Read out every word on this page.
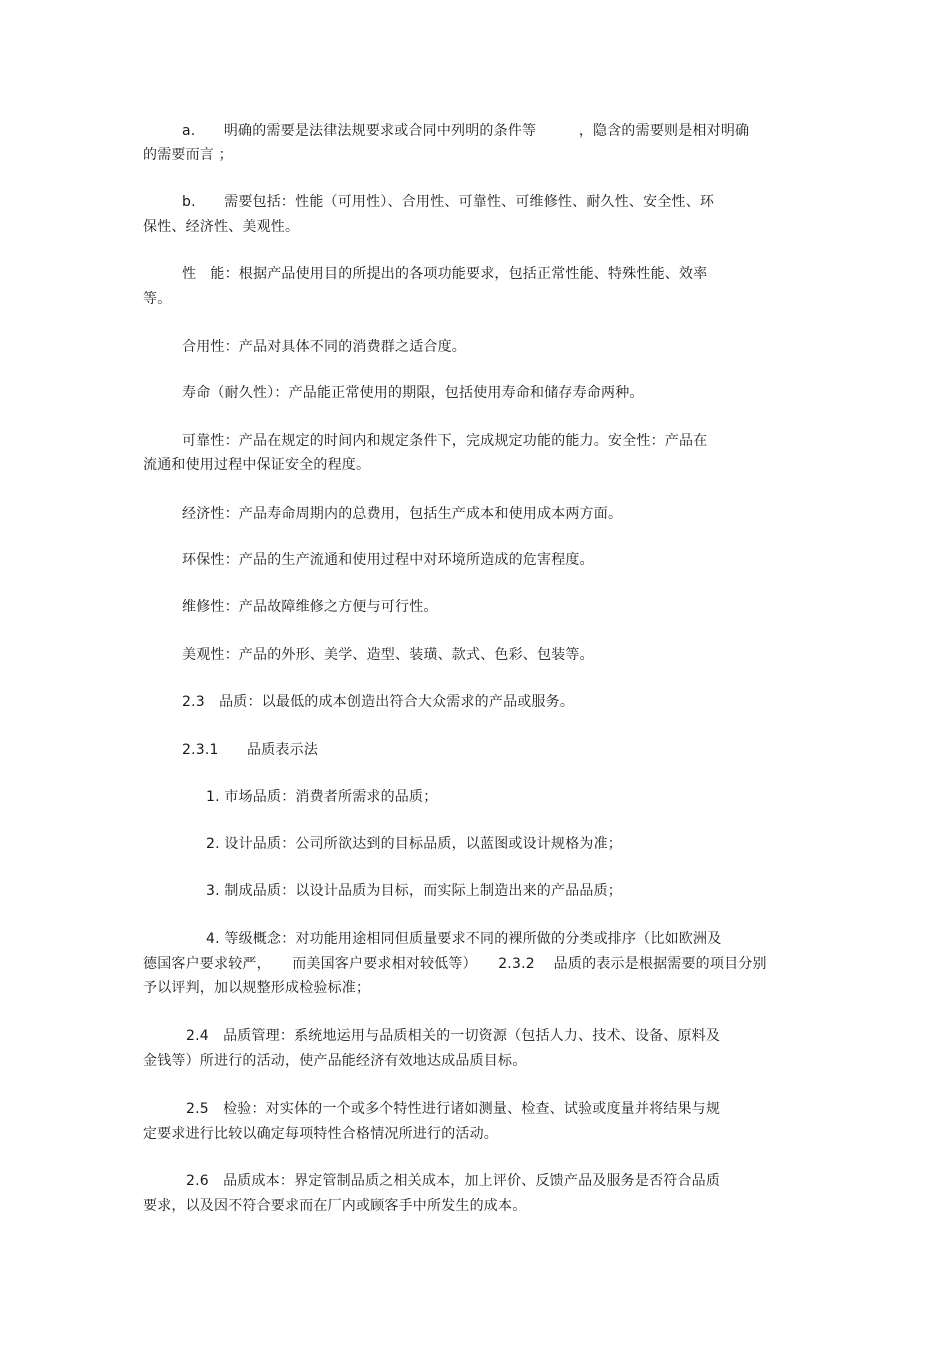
a.　　明确的需要是法律法规要求或合同中列明的条件等　　　，隐含的需要则是相对明确
的需要而言 ；
b.　　需要包括：性能（可用性）、合用性、可靠性、可维修性、耐久性、安全性、环
保性、经济性、美观性。
性　能：根据产品使用目的所提出的各项功能要求，包括正常性能、特殊性能、效率
等。
合用性：产品对具体不同的消费群之适合度。
寿命（耐久性）：产品能正常使用的期限，包括使用寿命和储存寿命两种。
可靠性：产品在规定的时间内和规定条件下，完成规定功能的能力。安全性：产品在
流通和使用过程中保证安全的程度。
经济性：产品寿命周期内的总费用，包括生产成本和使用成本两方面。
环保性：产品的生产流通和使用过程中对环境所造成的危害程度。
维修性：产品故障维修之方便与可行性。
美观性：产品的外形、美学、造型、装璜、款式、色彩、包装等。
2.3　品质：以最低的成本创造出符合大众需求的产品或服务。
2.3.1　　品质表示法
1. 市场品质：消费者所需求的品质；
2. 设计品质：公司所欲达到的目标品质，以蓝图或设计规格为准；
3. 制成品质：以设计品质为目标，而实际上制造出来的产品品质；
4. 等级概念：对功能用途相同但质量要求不同的裸所做的分类或排序（比如欧洲及
德国客户要求较严，　　而美国客户要求相对较低等）　　2.3.2　 品质的表示是根据需要的项目分别
予以评判，加以规整形成检验标准；
2.4　品质管理：系统地运用与品质相关的一切资源（包括人力、技术、设备、原料及
金钱等）所进行的活动，使产品能经济有效地达成品质目标。
2.5　检验：对实体的一个或多个特性进行诸如测量、检查、试验或度量并将结果与规
定要求进行比较以确定每项特性合格情况所进行的活动。
2.6　品质成本：界定管制品质之相关成本，加上评价、反馈产品及服务是否符合品质
要求，以及因不符合要求而在厂内或顾客手中所发生的成本。
